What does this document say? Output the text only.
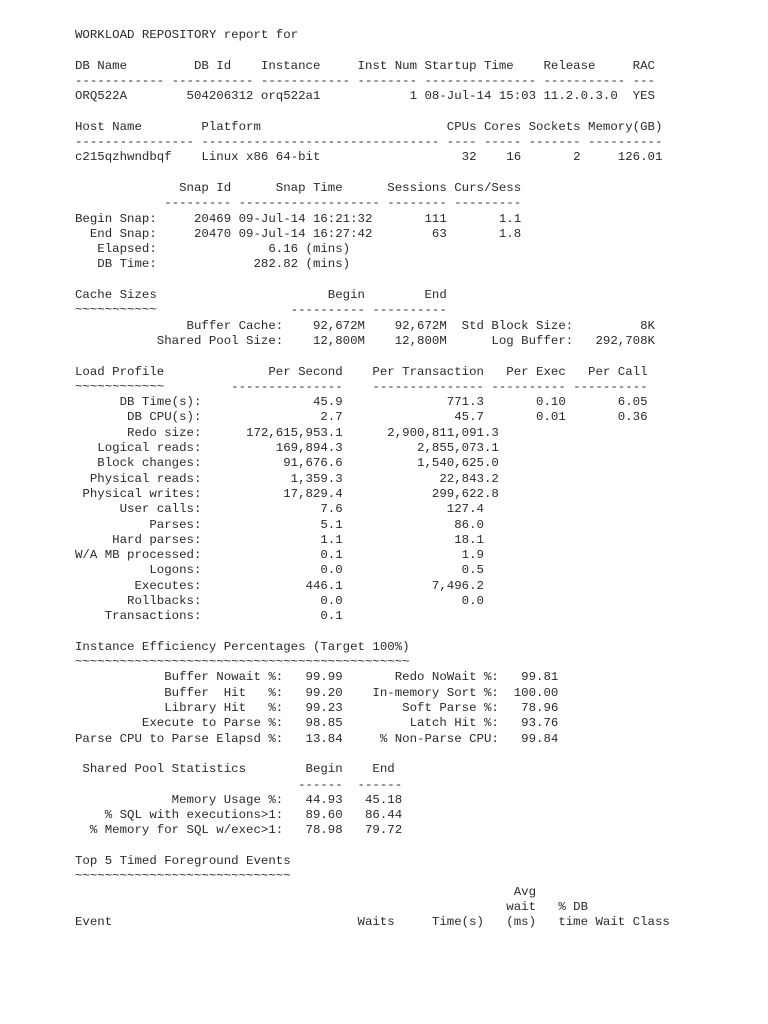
WORKLOAD REPOSITORY report for
DB Name         DB Id    Instance     Inst Num Startup Time    Release     RAC
------------ ----------- ------------ -------- --------------- ----------- ---
ORQ522A        504206312 orq522a1            1 08-Jul-14 15:03 11.2.0.3.0  YES
Host Name        Platform                         CPUs Cores Sockets Memory(GB)
---------------- -------------------------------- ---- ----- ------- ----------
c215qzhwndbqf    Linux x86 64-bit                   32    16       2     126.01
Snap Id      Snap Time      Sessions Curs/Sess
--------- ------------------- -------- ---------
Begin Snap:     20469 09-Jul-14 16:21:32       111       1.1
End Snap:     20470 09-Jul-14 16:27:42        63       1.8
Elapsed:               6.16 (mins)
DB Time:             282.82 (mins)
Cache Sizes                       Begin        End
~~~~~~~~~~~                  ---------- ----------
Buffer Cache:    92,672M    92,672M  Std Block Size:         8K
Shared Pool Size:    12,800M    12,800M      Log Buffer:   292,708K
Load Profile              Per Second    Per Transaction   Per Exec   Per Call
~~~~~~~~~~~~         ---------------    --------------- ---------- ----------
DB Time(s):               45.9              771.3       0.10       6.05
DB CPU(s):                2.7               45.7       0.01       0.36
Redo size:      172,615,953.1      2,900,811,091.3
Logical reads:          169,894.3          2,855,073.1
Block changes:           91,676.6          1,540,625.0
Physical reads:            1,359.3             22,843.2
Physical writes:           17,829.4            299,622.8
User calls:                7.6              127.4
Parses:                5.1               86.0
Hard parses:                1.1               18.1
W/A MB processed:                0.1                1.9
Logons:                0.0                0.5
Executes:              446.1            7,496.2
Rollbacks:                0.0                0.0
Transactions:                0.1
Instance Efficiency Percentages (Target 100%)
~~~~~~~~~~~~~~~~~~~~~~~~~~~~~~~~~~~~~~~~~~~~~
Buffer Nowait %:   99.99       Redo NoWait %:   99.81
Buffer  Hit   %:   99.20    In-memory Sort %:  100.00
Library Hit   %:   99.23        Soft Parse %:   78.96
Execute to Parse %:   98.85         Latch Hit %:   93.76
Parse CPU to Parse Elapsd %:   13.84     % Non-Parse CPU:   99.84
Shared Pool Statistics        Begin    End
------  ------
Memory Usage %:   44.93   45.18
% SQL with executions>1:   89.60   86.44
% Memory for SQL w/exec>1:   78.98   79.72
Top 5 Timed Foreground Events
~~~~~~~~~~~~~~~~~~~~~~~~~~~~~
Avg
wait   % DB
Event                                 Waits     Time(s)   (ms)   time Wait Class
